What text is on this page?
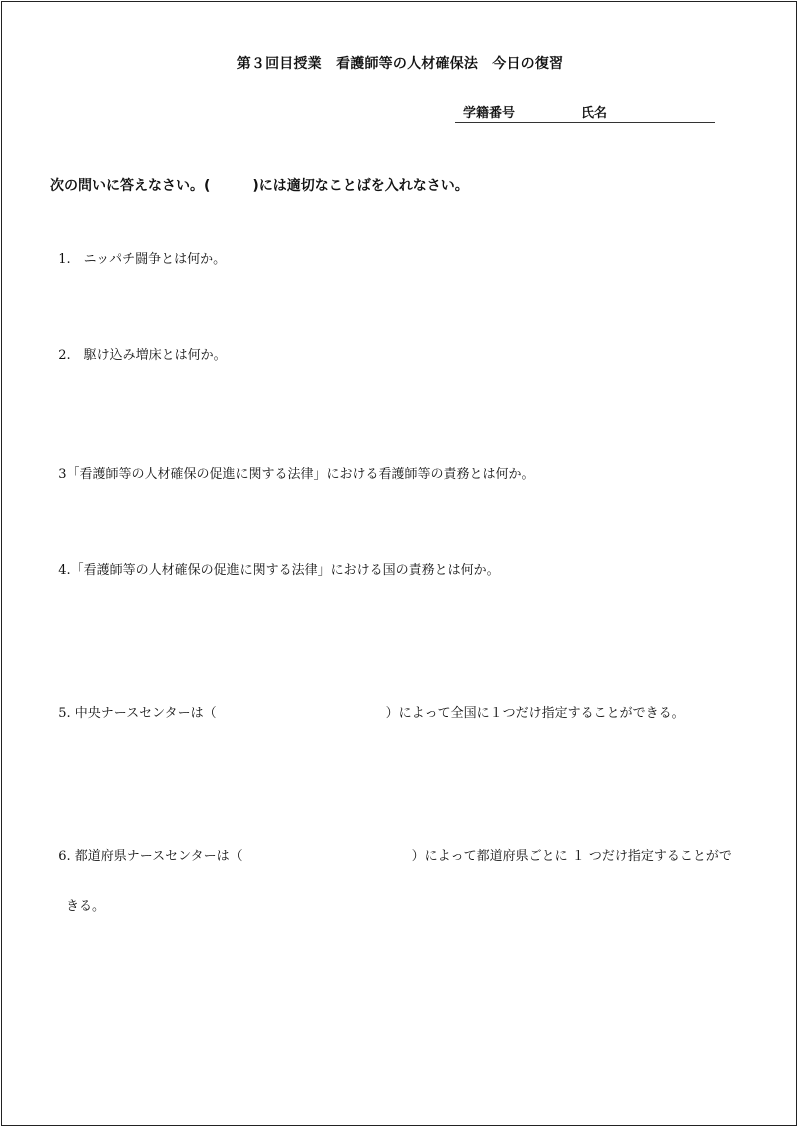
第３回目授業　看護師等の人材確保法　今日の復習
学籍番号	氏名
次の問いに答えなさい。(　　　)には適切なことばを入れなさい。

1.　ニッパチ闘争とは何か。

2.　駆け込み増床とは何か。

3「看護師等の人材確保の促進に関する法律」における看護師等の責務とは何か。

4.「看護師等の人材確保の促進に関する法律」における国の責務とは何か。

5. 中央ナースセンターは（　　　　　　　　　　　　　）によって全国に１つだけ指定することができる。

6. 都道府県ナースセンターは（　　　　　　　　　　　　　）によって都道府県ごとに １ つだけ指定することがで

きる。
